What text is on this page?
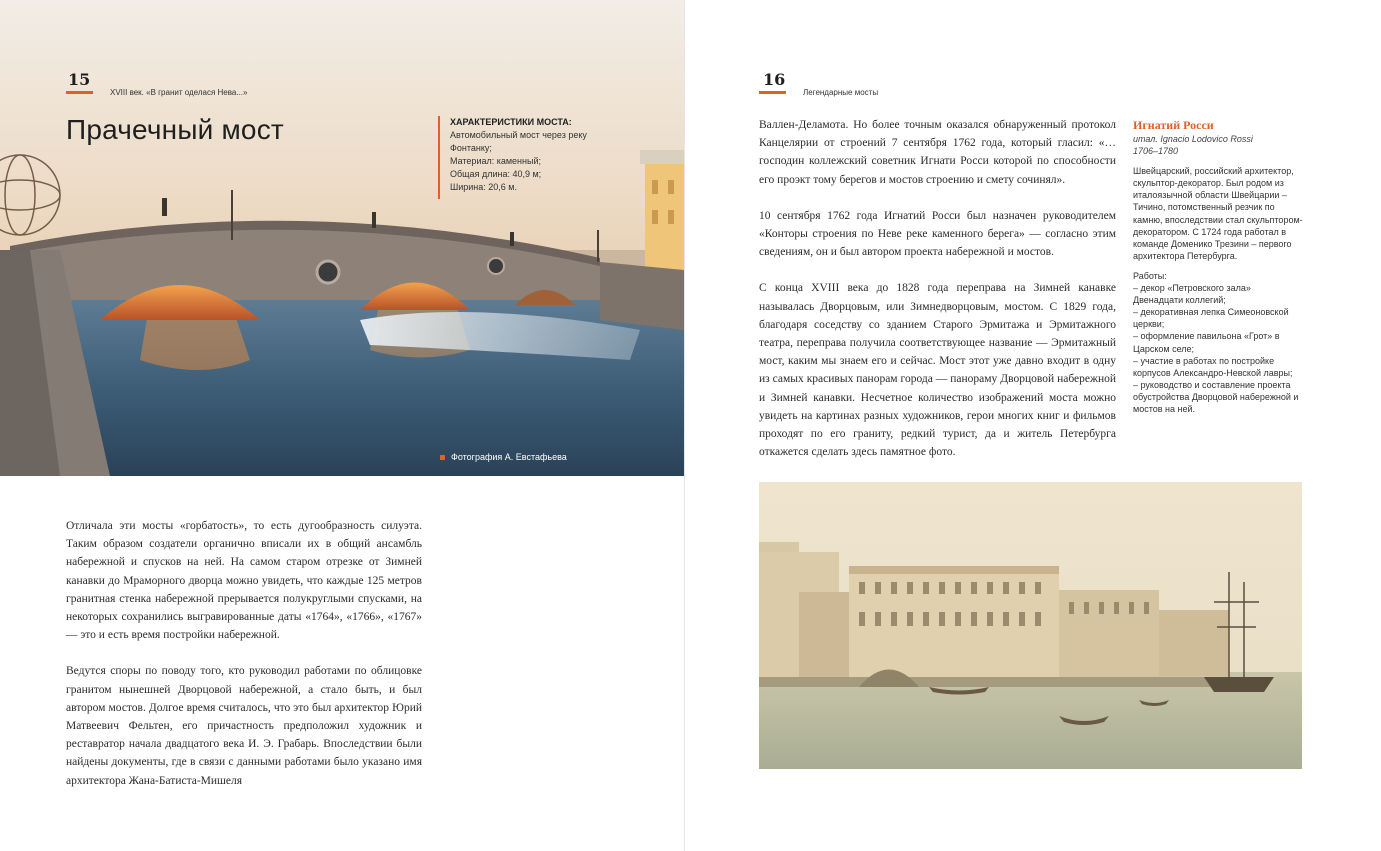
15
XVIII век. «В гранит оделася Нева...»
Прачечный мост	ХАРАКТЕРИСТИКИ МОСТА:
Автомобильный мост через реку
Фонтанку;
Материал: каменный;
Общая длина: 40,9 м;
Ширина: 20,6 м.
Фотография А. Евстафьева

Отличала эти мосты «горбатость», то есть дугообразность силуэта. Таким образом создатели органично вписали их в общий ансамбль набережной и спусков на ней. На самом старом отрезке от Зимней канавки до Мраморного дворца можно увидеть, что каждые 125 метров гранитная стенка набережной прерывается полукруглыми спусками, на некоторых сохранились выгравированные даты «1764», «1766», «1767» — это и есть время постройки набережной.

Ведутся споры по поводу того, кто руководил работами по облицовке гранитом нынешней Дворцовой набережной, а стало быть, и был автором мостов. Долгое время считалось, что это был архитектор Юрий Матвеевич Фельтен, его причастность предположил художник и реставратор начала двадцатого века И. Э. Грабарь. Впоследствии были найдены документы, где в связи с данными работами было указано имя архитектора Жана-Батиста-Мишеля

16
Легендарные мосты

Валлен-Деламота. Но более точным оказался обнаруженный протокол Канцелярии от строений 7 сентября 1762 года, который гласил: «…господин коллежский советник Игнати Росси которой по способности его проэкт тому берегов и мостов строению и смету сочинял».

10 сентября 1762 года Игнатий Росси был назначен руководителем «Конторы строения по Неве реке каменного берега» — согласно этим сведениям, он и был автором проекта набережной и мостов.

С конца XVIII века до 1828 года переправа на Зимней канавке называлась Дворцовым, или Зимнедворцовым, мостом. С 1829 года, благодаря соседству со зданием Старого Эрмитажа и Эрмитажного театра, переправа получила соответствующее название — Эрмитажный мост, каким мы знаем его и сейчас. Мост этот уже давно входит в одну из самых красивых панорам города — панораму Дворцовой набережной и Зимней канавки. Несчетное количество изображений моста можно увидеть на картинах разных художников, герои многих книг и фильмов проходят по его граниту, редкий турист, да и житель Петербурга откажется сделать здесь памятное фото.

Игнатий Росси
итал. Ignacio Lodovico Rossi
1706–1780
Швейцарский, российский архитектор, скульптор-декоратор. Был родом из италоязычной области Швейцарии – Тичино, потомственный резчик по камню, впоследствии стал скульптором-декоратором. С 1724 года работал в команде Доменико Трезини – первого архитектора Петербурга.
Работы:
– декор «Петровского зала» Двенадцати коллегий;
– декоративная лепка Симеоновской церкви;
– оформление павильона «Грот» в Царском селе;
– участие в работах по постройке корпусов Александро-Невской лавры;
– руководство и составление проекта обустройства Дворцовой набережной и мостов на ней.
